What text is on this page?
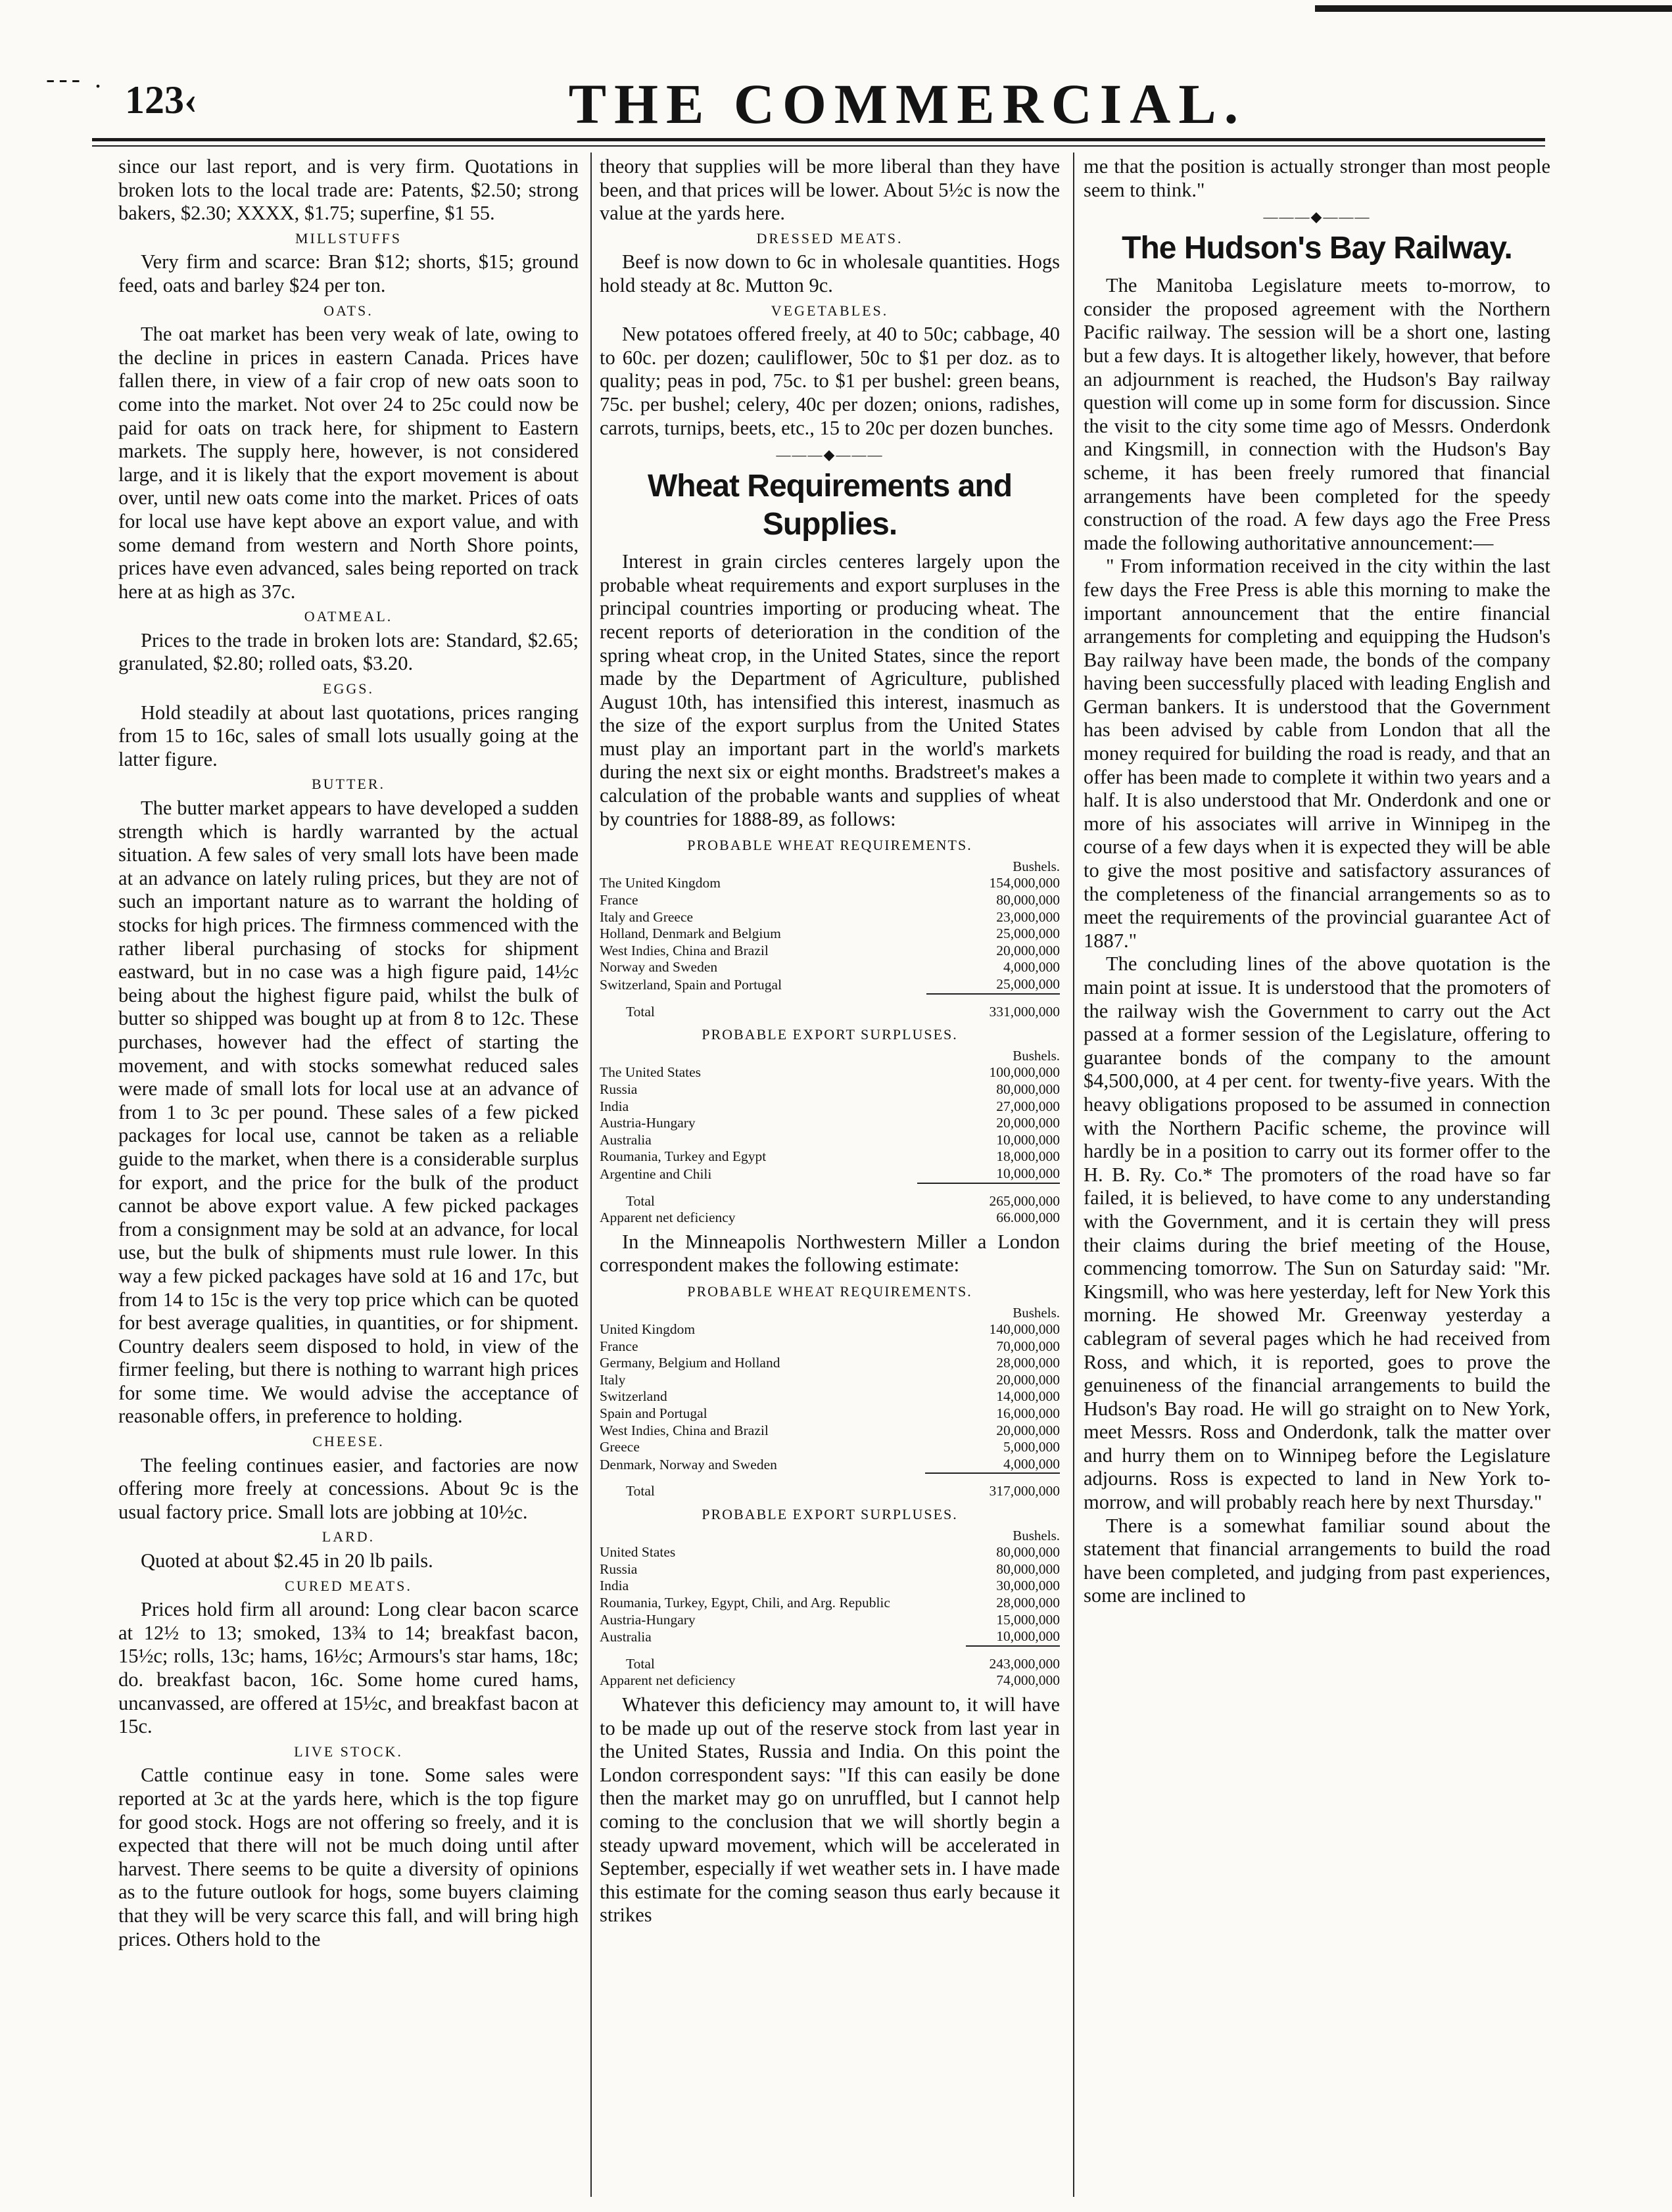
--- . 123‹	THE COMMERCIAL.

since our last report, and is very firm. Quotations in broken lots to the local trade are: Patents, $2.50; strong bakers, $2.30; XXXX, $1.75; superfine, $1 55.

MILLSTUFFS

Very firm and scarce: Bran $12; shorts, $15; ground feed, oats and barley $24 per ton.

OATS.

The oat market has been very weak of late, owing to the decline in prices in eastern Canada. Prices have fallen there, in view of a fair crop of new oats soon to come into the market. Not over 24 to 25c could now be paid for oats on track here, for shipment to Eastern markets. The supply here, however, is not considered large, and it is likely that the export movement is about over, until new oats come into the market. Prices of oats for local use have kept above an export value, and with some demand from western and North Shore points, prices have even advanced, sales being reported on track here at as high as 37c.

OATMEAL.

Prices to the trade in broken lots are: Standard, $2.65; granulated, $2.80; rolled oats, $3.20.

EGGS.

Hold steadily at about last quotations, prices ranging from 15 to 16c, sales of small lots usually going at the latter figure.

BUTTER.

The butter market appears to have developed a sudden strength which is hardly warranted by the actual situation. A few sales of very small lots have been made at an advance on lately ruling prices, but they are not of such an important nature as to warrant the holding of stocks for high prices. The firmness commenced with the rather liberal purchasing of stocks for shipment eastward, but in no case was a high figure paid, 14½c being about the highest figure paid, whilst the bulk of butter so shipped was bought up at from 8 to 12c. These purchases, however had the effect of starting the movement, and with stocks somewhat reduced sales were made of small lots for local use at an advance of from 1 to 3c per pound. These sales of a few picked packages for local use, cannot be taken as a reliable guide to the market, when there is a considerable surplus for export, and the price for the bulk of the product cannot be above export value. A few picked packages from a consignment may be sold at an advance, for local use, but the bulk of shipments must rule lower. In this way a few picked packages have sold at 16 and 17c, but from 14 to 15c is the very top price which can be quoted for best average qualities, in quantities, or for shipment. Country dealers seem disposed to hold, in view of the firmer feeling, but there is nothing to warrant high prices for some time. We would advise the acceptance of reasonable offers, in preference to holding.

CHEESE.

The feeling continues easier, and factories are now offering more freely at concessions. About 9c is the usual factory price. Small lots are jobbing at 10½c.

LARD.

Quoted at about $2.45 in 20 lb pails.

CURED MEATS.

Prices hold firm all around: Long clear bacon scarce at 12½ to 13; smoked, 13¾ to 14; breakfast bacon, 15½c; rolls, 13c; hams, 16½c; Armours's star hams, 18c; do. breakfast bacon, 16c. Some home cured hams, uncanvassed, are offered at 15½c, and breakfast bacon at 15c.

LIVE STOCK.

Cattle continue easy in tone. Some sales were reported at 3c at the yards here, which is the top figure for good stock. Hogs are not offering so freely, and it is expected that there will not be much doing until after harvest. There seems to be quite a diversity of opinions as to the future outlook for hogs, some buyers claiming that they will be very scarce this fall, and will bring high prices. Others hold to the

theory that supplies will be more liberal than they have been, and that prices will be lower. About 5½c is now the value at the yards here.

DRESSED MEATS.

Beef is now down to 6c in wholesale quantities. Hogs hold steady at 8c. Mutton 9c.

VEGETABLES.

New potatoes offered freely, at 40 to 50c; cabbage, 40 to 60c. per dozen; cauliflower, 50c to $1 per doz. as to quality; peas in pod, 75c. to $1 per bushel: green beans, 75c. per bushel; celery, 40c per dozen; onions, radishes, carrots, turnips, beets, etc., 15 to 20c per dozen bunches.

———◆———
Wheat Requirements and Supplies.

Interest in grain circles centeres largely upon the probable wheat requirements and export surpluses in the principal countries importing or producing wheat. The recent reports of deterioration in the condition of the spring wheat crop, in the United States, since the report made by the Department of Agriculture, published August 10th, has intensified this interest, inasmuch as the size of the export surplus from the United States must play an important part in the world's markets during the next six or eight months. Bradstreet's makes a calculation of the probable wants and supplies of wheat by countries for 1888-89, as follows:

PROBABLE WHEAT REQUIREMENTS.
	Bushels.
The United Kingdom	154,000,000
France	80,000,000
Italy and Greece	23,000,000
Holland, Denmark and Belgium	25,000,000
West Indies, China and Brazil	20,000,000
Norway and Sweden	4,000,000
Switzerland, Spain and Portugal	25,000,000
Total	331,000,000
PROBABLE EXPORT SURPLUSES.
	Bushels.
The United States	100,000,000
Russia	80,000,000
India	27,000,000
Austria-Hungary	20,000,000
Australia	10,000,000
Roumania, Turkey and Egypt	18,000,000
Argentine and Chili	10,000,000
Total	265,000,000
Apparent net deficiency	66.000,000

In the Minneapolis Northwestern Miller a London correspondent makes the following estimate:

PROBABLE WHEAT REQUIREMENTS.
	Bushels.
United Kingdom	140,000,000
France	70,000,000
Germany, Belgium and Holland	28,000,000
Italy	20,000,000
Switzerland	14,000,000
Spain and Portugal	16,000,000
West Indies, China and Brazil	20,000,000
Greece	5,000,000
Denmark, Norway and Sweden	4,000,000
Total	317,000,000
PROBABLE EXPORT SURPLUSES.
	Bushels.
United States	80,000,000
Russia	80,000,000
India	30,000,000
Roumania, Turkey, Egypt, Chili, and Arg. Republic	28,000,000
Austria-Hungary	15,000,000
Australia	10,000,000
Total	243,000,000
Apparent net deficiency	74,000,000

Whatever this deficiency may amount to, it will have to be made up out of the reserve stock from last year in the United States, Russia and India. On this point the London correspondent says: "If this can easily be done then the market may go on unruffled, but I cannot help coming to the conclusion that we will shortly begin a steady upward movement, which will be accelerated in September, especially if wet weather sets in. I have made this estimate for the coming season thus early because it strikes

me that the position is actually stronger than most people seem to think."

———◆———
The Hudson's Bay Railway.

The Manitoba Legislature meets to-morrow, to consider the proposed agreement with the Northern Pacific railway. The session will be a short one, lasting but a few days. It is altogether likely, however, that before an adjournment is reached, the Hudson's Bay railway question will come up in some form for discussion. Since the visit to the city some time ago of Messrs. Onderdonk and Kingsmill, in connection with the Hudson's Bay scheme, it has been freely rumored that financial arrangements have been completed for the speedy construction of the road. A few days ago the Free Press made the following authoritative announcement:—

" From information received in the city within the last few days the Free Press is able this morning to make the important announcement that the entire financial arrangements for completing and equipping the Hudson's Bay railway have been made, the bonds of the company having been successfully placed with leading English and German bankers. It is understood that the Government has been advised by cable from London that all the money required for building the road is ready, and that an offer has been made to complete it within two years and a half. It is also understood that Mr. Onderdonk and one or more of his associates will arrive in Winnipeg in the course of a few days when it is expected they will be able to give the most positive and satisfactory assurances of the completeness of the financial arrangements so as to meet the requirements of the provincial guarantee Act of 1887."

The concluding lines of the above quotation is the main point at issue. It is understood that the promoters of the railway wish the Government to carry out the Act passed at a former session of the Legislature, offering to guarantee bonds of the company to the amount $4,500,000, at 4 per cent. for twenty-five years. With the heavy obligations proposed to be assumed in connection with the Northern Pacific scheme, the province will hardly be in a position to carry out its former offer to the H. B. Ry. Co.* The promoters of the road have so far failed, it is believed, to have come to any understanding with the Government, and it is certain they will press their claims during the brief meeting of the House, commencing tomorrow. The Sun on Saturday said: "Mr. Kingsmill, who was here yesterday, left for New York this morning. He showed Mr. Greenway yesterday a cablegram of several pages which he had received from Ross, and which, it is reported, goes to prove the genuineness of the financial arrangements to build the Hudson's Bay road. He will go straight on to New York, meet Messrs. Ross and Onderdonk, talk the matter over and hurry them on to Winnipeg before the Legislature adjourns. Ross is expected to land in New York to-morrow, and will probably reach here by next Thursday."

There is a somewhat familiar sound about the statement that financial arrangements to build the road have been completed, and judging from past experiences, some are inclined to
